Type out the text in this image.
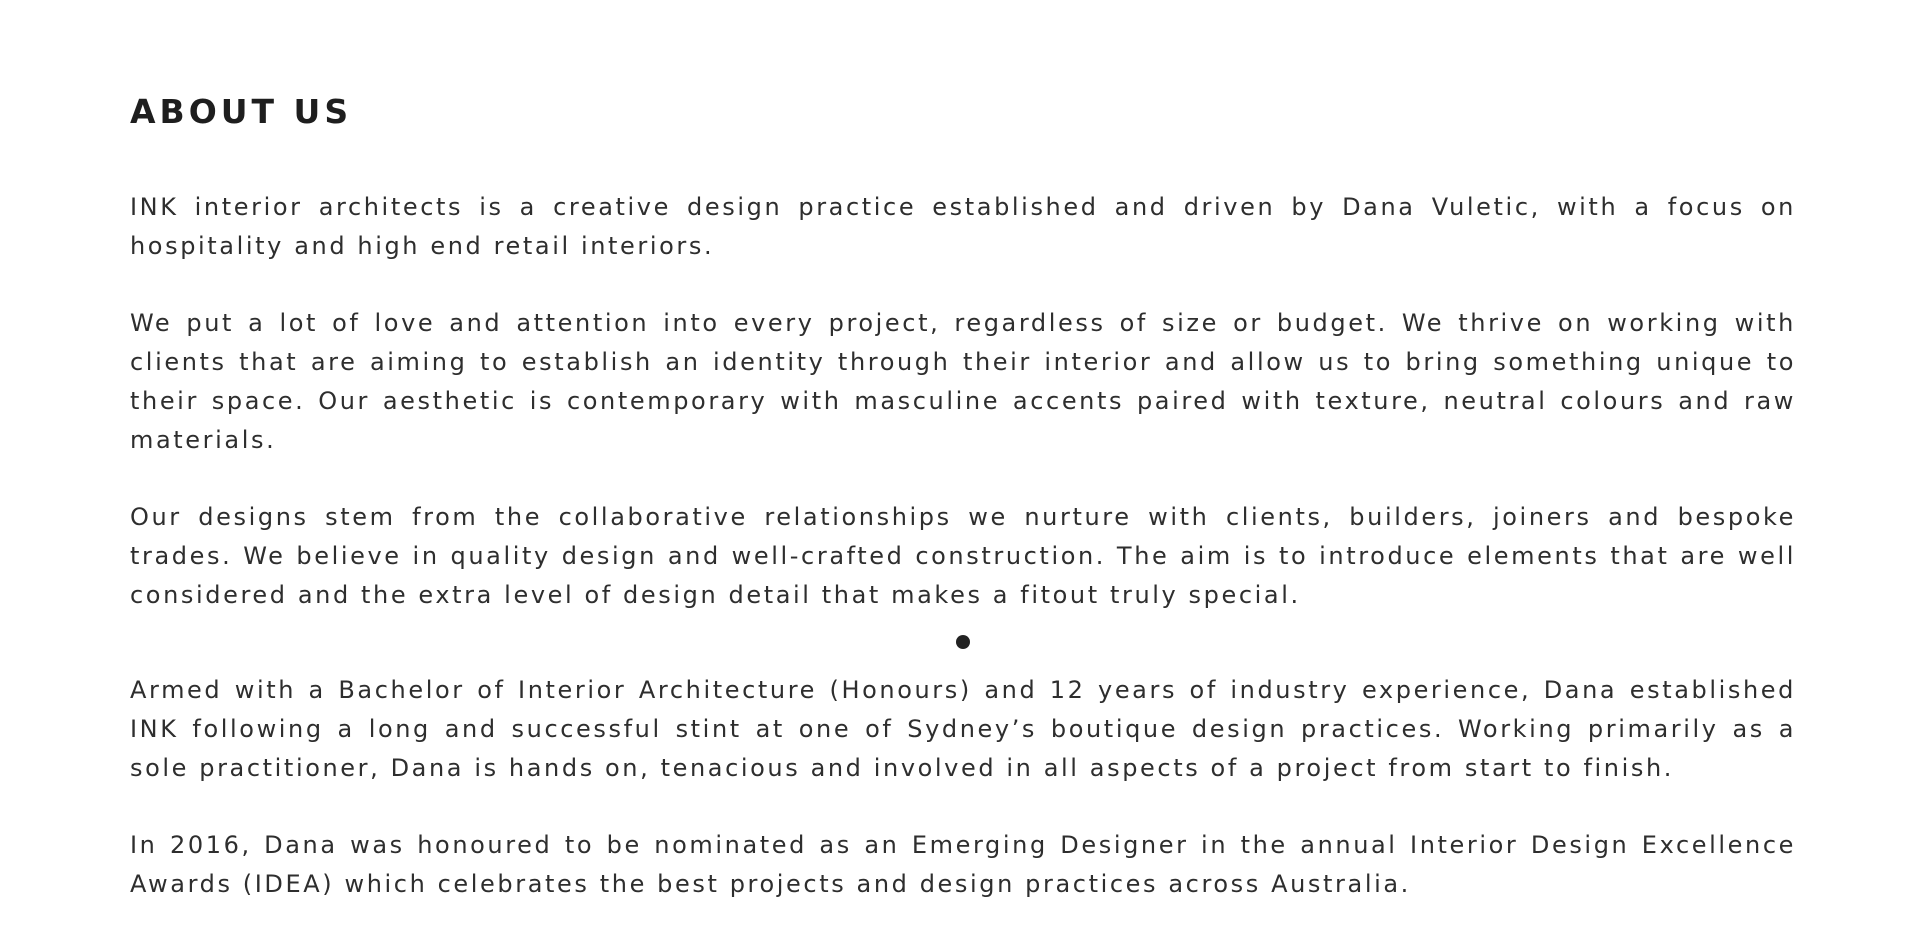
ABOUT US

INK interior architects is a creative design practice established and driven by Dana Vuletic, with a focus on hospitality and high end retail interiors.

We put a lot of love and attention into every project, regardless of size or budget. We thrive on working with clients that are aiming to establish an identity through their interior and allow us to bring something unique to their space. Our aesthetic is contemporary with masculine accents paired with texture, neutral colours and raw materials.

Our designs stem from the collaborative relationships we nurture with clients, builders, joiners and bespoke trades. We believe in quality design and well-crafted construction. The aim is to introduce elements that are well considered and the extra level of design detail that makes a fitout truly special.

Armed with a Bachelor of Interior Architecture (Honours) and 12 years of industry experience, Dana established INK following a long and successful stint at one of Sydney’s boutique design practices. Working primarily as a sole practitioner, Dana is hands on, tenacious and involved in all aspects of a project from start to finish.

In 2016, Dana was honoured to be nominated as an Emerging Designer in the annual Interior Design Excellence Awards (IDEA) which celebrates the best projects and design practices across Australia.
